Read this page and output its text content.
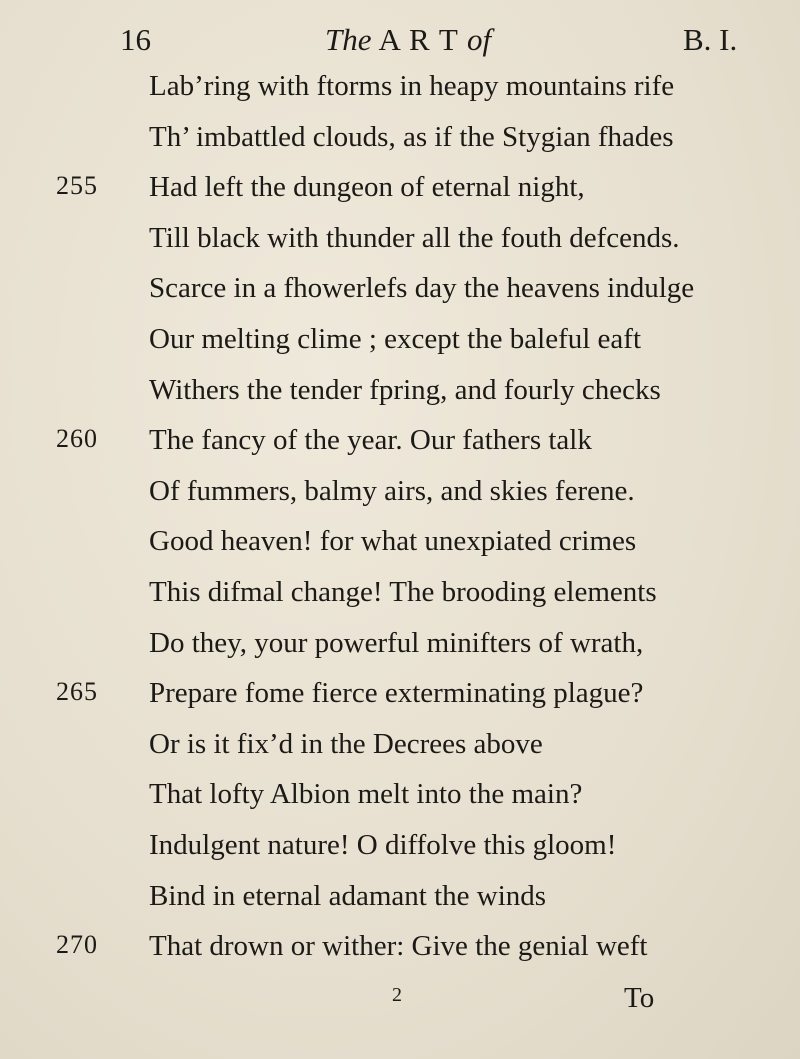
16	The A R T of	B. I.
Lab’ring with ftorms in heapy mountains rife
Th’ imbattled clouds, as if the Stygian fhades
255 Had left the dungeon of eternal night,
Till black with thunder all the fouth defcends.
Scarce in a fhowerlefs day the heavens indulge
Our melting clime ; except the baleful eaft
Withers the tender fpring, and fourly checks
260 The fancy of the year. Our fathers talk
Of fummers, balmy airs, and skies ferene.
Good heaven! for what unexpiated crimes
This difmal change! The brooding elements
Do they, your powerful minifters of wrath,
265 Prepare fome fierce exterminating plague?
Or is it fix’d in the Decrees above
That lofty Albion melt into the main?
Indulgent nature! O diffolve this gloom!
Bind in eternal adamant the winds
270 That drown or wither: Give the genial weft
2	To
